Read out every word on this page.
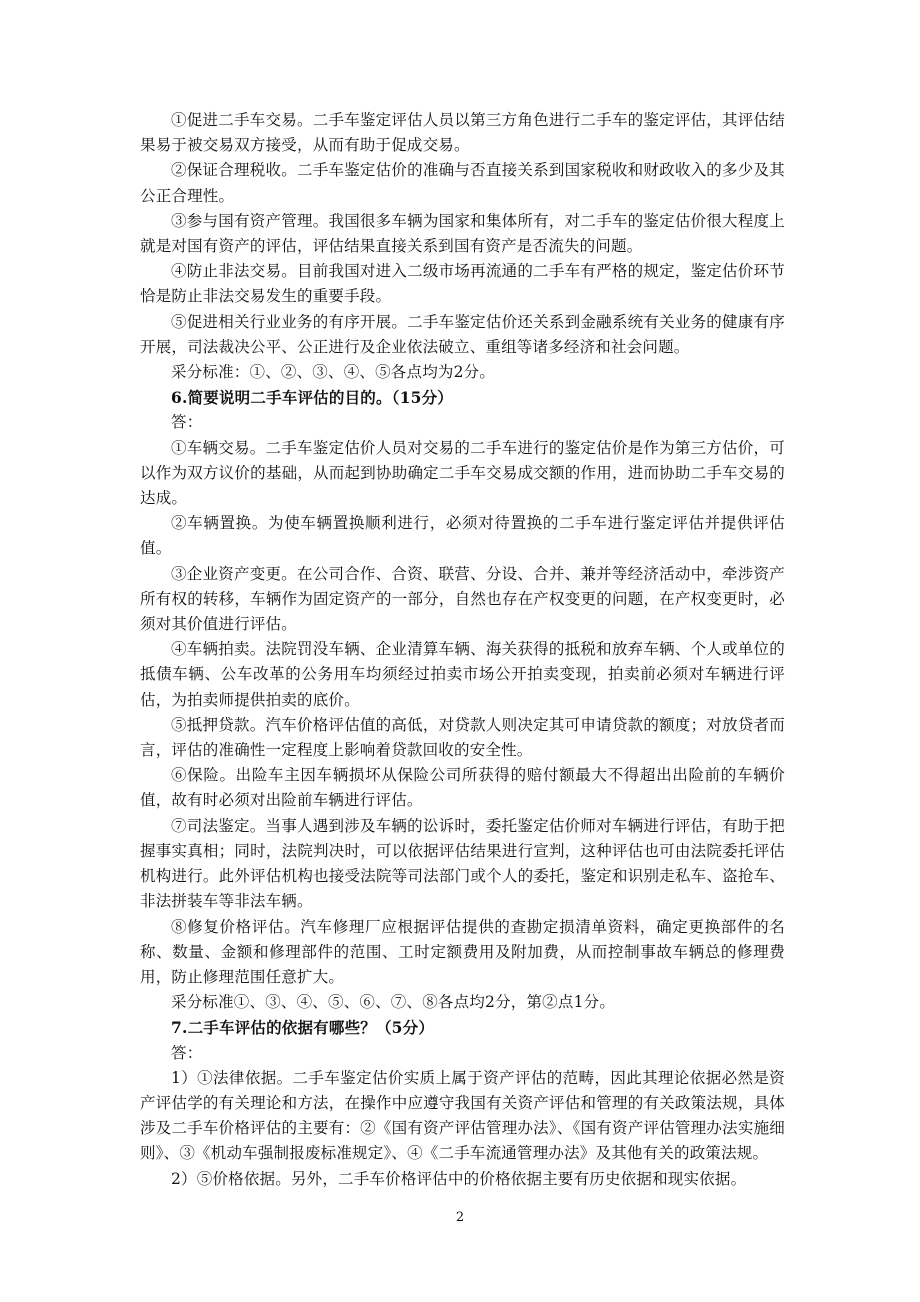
①促进二手车交易。二手车鉴定评估人员以第三方角色进行二手车的鉴定评估，其评估结果易于被交易双方接受，从而有助于促成交易。

②保证合理税收。二手车鉴定估价的准确与否直接关系到国家税收和财政收入的多少及其公正合理性。

③参与国有资产管理。我国很多车辆为国家和集体所有，对二手车的鉴定估价很大程度上就是对国有资产的评估，评估结果直接关系到国有资产是否流失的问题。

④防止非法交易。目前我国对进入二级市场再流通的二手车有严格的规定，鉴定估价环节恰是防止非法交易发生的重要手段。

⑤促进相关行业业务的有序开展。二手车鉴定估价还关系到金融系统有关业务的健康有序开展，司法裁决公平、公正进行及企业依法破立、重组等诸多经济和社会问题。

采分标准：①、②、③、④、⑤各点均为2分。

6.简要说明二手车评估的目的。（15分）

答：

①车辆交易。二手车鉴定估价人员对交易的二手车进行的鉴定估价是作为第三方估价，可以作为双方议价的基础，从而起到协助确定二手车交易成交额的作用，进而协助二手车交易的达成。

②车辆置换。为使车辆置换顺利进行，必须对待置换的二手车进行鉴定评估并提供评估值。

③企业资产变更。在公司合作、合资、联营、分设、合并、兼并等经济活动中，牵涉资产所有权的转移，车辆作为固定资产的一部分，自然也存在产权变更的问题，在产权变更时，必须对其价值进行评估。

④车辆拍卖。法院罚没车辆、企业清算车辆、海关获得的抵税和放弃车辆、个人或单位的抵债车辆、公车改革的公务用车均须经过拍卖市场公开拍卖变现，拍卖前必须对车辆进行评估，为拍卖师提供拍卖的底价。

⑤抵押贷款。汽车价格评估值的高低，对贷款人则决定其可申请贷款的额度；对放贷者而言，评估的准确性一定程度上影响着贷款回收的安全性。

⑥保险。出险车主因车辆损坏从保险公司所获得的赔付额最大不得超出出险前的车辆价值，故有时必须对出险前车辆进行评估。

⑦司法鉴定。当事人遇到涉及车辆的讼诉时，委托鉴定估价师对车辆进行评估，有助于把握事实真相；同时，法院判决时，可以依据评估结果进行宣判，这种评估也可由法院委托评估机构进行。此外评估机构也接受法院等司法部门或个人的委托，鉴定和识别走私车、盗抢车、非法拼装车等非法车辆。

⑧修复价格评估。汽车修理厂应根据评估提供的查勘定损清单资料，确定更换部件的名称、数量、金额和修理部件的范围、工时定额费用及附加费，从而控制事故车辆总的修理费用，防止修理范围任意扩大。

采分标准①、③、④、⑤、⑥、⑦、⑧各点均2分，第②点1分。

7.二手车评估的依据有哪些？（5分）

答：

1）①法律依据。二手车鉴定估价实质上属于资产评估的范畴，因此其理论依据必然是资产评估学的有关理论和方法，在操作中应遵守我国有关资产评估和管理的有关政策法规，具体涉及二手车价格评估的主要有：②《国有资产评估管理办法》、《国有资产评估管理办法实施细则》、③《机动车强制报废标准规定》、④《二手车流通管理办法》及其他有关的政策法规。

2）⑤价格依据。另外，二手车价格评估中的价格依据主要有历史依据和现实依据。

2
